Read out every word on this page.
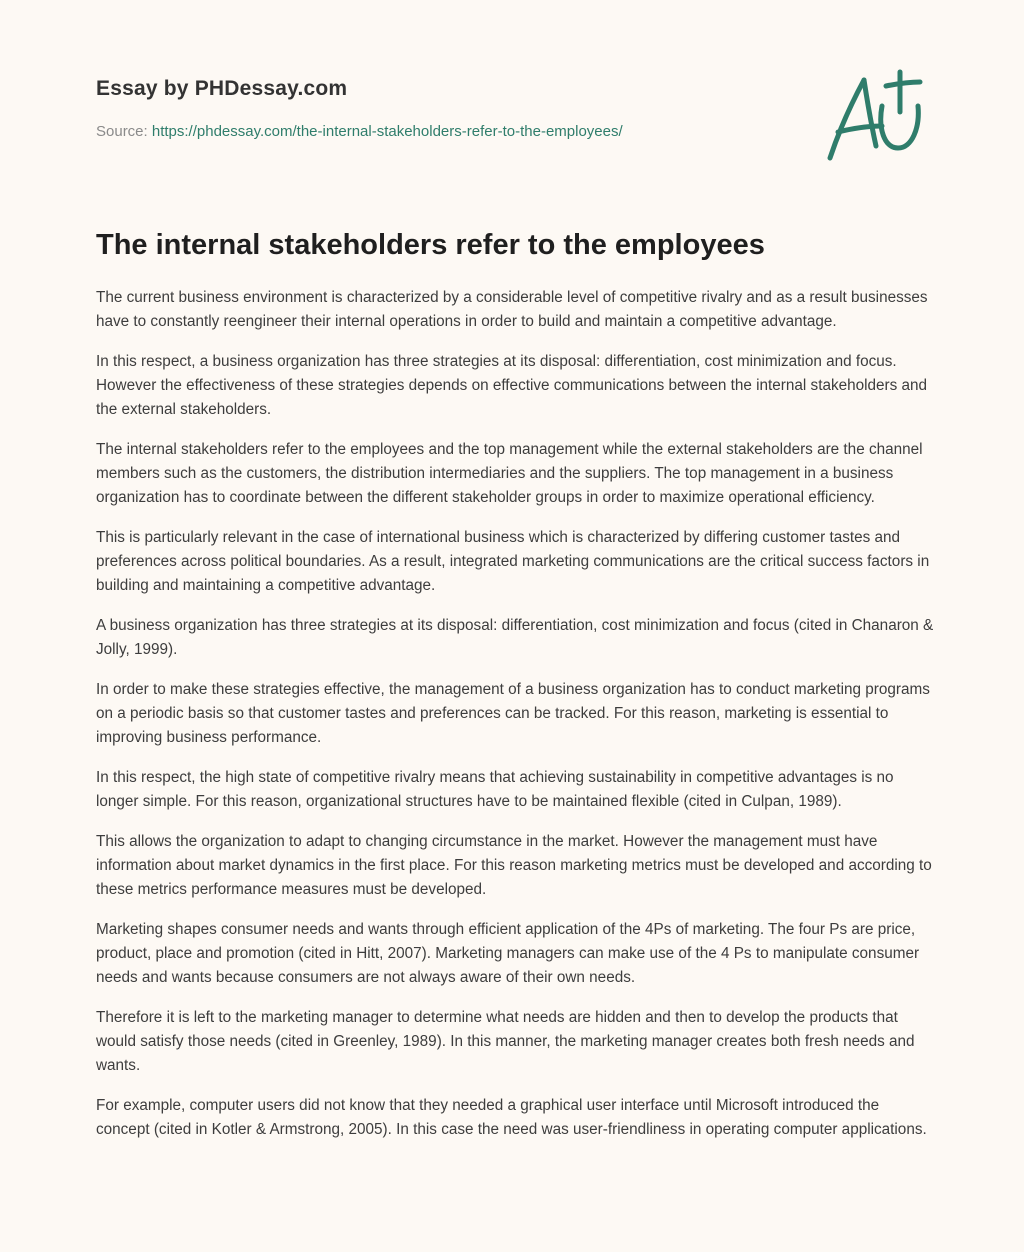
Essay by PHDessay.com
Source: https://phdessay.com/the-internal-stakeholders-refer-to-the-employees/
The internal stakeholders refer to the employees

The current business environment is characterized by a considerable level of competitive rivalry and as a result businesses have to constantly reengineer their internal operations in order to build and maintain a competitive advantage.

In this respect, a business organization has three strategies at its disposal: differentiation, cost minimization and focus. However the effectiveness of these strategies depends on effective communications between the internal stakeholders and the external stakeholders.

The internal stakeholders refer to the employees and the top management while the external stakeholders are the channel members such as the customers, the distribution intermediaries and the suppliers. The top management in a business organization has to coordinate between the different stakeholder groups in order to maximize operational efficiency.

This is particularly relevant in the case of international business which is characterized by differing customer tastes and preferences across political boundaries. As a result, integrated marketing communications are the critical success factors in building and maintaining a competitive advantage.

A business organization has three strategies at its disposal: differentiation, cost minimization and focus (cited in Chanaron & Jolly, 1999).

In order to make these strategies effective, the management of a business organization has to conduct marketing programs on a periodic basis so that customer tastes and preferences can be tracked. For this reason, marketing is essential to improving business performance.

In this respect, the high state of competitive rivalry means that achieving sustainability in competitive advantages is no longer simple. For this reason, organizational structures have to be maintained flexible (cited in Culpan, 1989).

This allows the organization to adapt to changing circumstance in the market. However the management must have information about market dynamics in the first place. For this reason marketing metrics must be developed and according to these metrics performance measures must be developed.

Marketing shapes consumer needs and wants through efficient application of the 4Ps of marketing. The four Ps are price, product, place and promotion (cited in Hitt, 2007). Marketing managers can make use of the 4 Ps to manipulate consumer needs and wants because consumers are not always aware of their own needs.

Therefore it is left to the marketing manager to determine what needs are hidden and then to develop the products that would satisfy those needs (cited in Greenley, 1989). In this manner, the marketing manager creates both fresh needs and wants.

For example, computer users did not know that they needed a graphical user interface until Microsoft introduced the concept (cited in Kotler & Armstrong, 2005). In this case the need was user-friendliness in operating computer applications.
